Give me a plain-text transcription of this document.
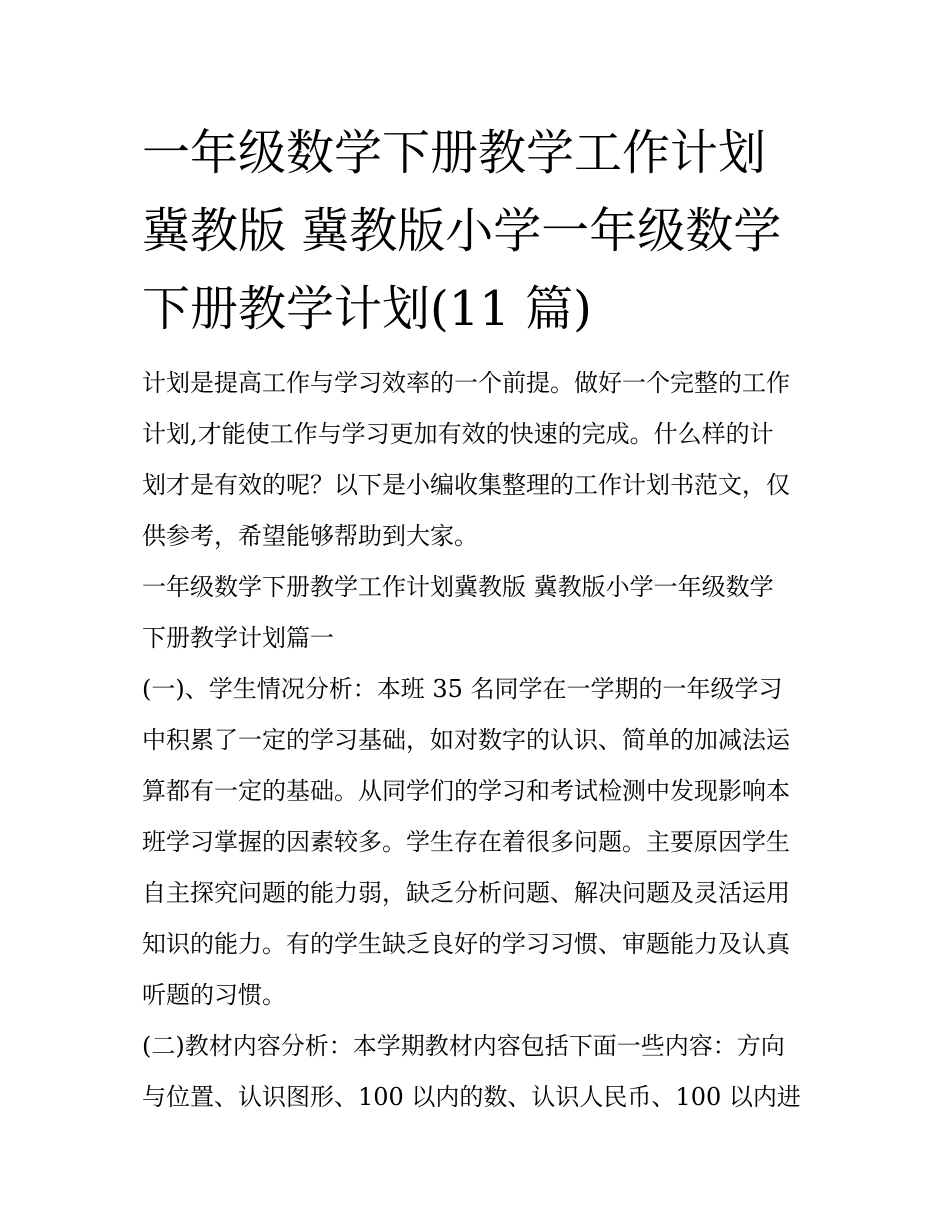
一年级数学下册教学工作计划
冀教版 冀教版小学一年级数学
下册教学计划(11 篇)
计划是提高工作与学习效率的一个前提。做好一个完整的工作
计划,才能使工作与学习更加有效的快速的完成。什么样的计
划才是有效的呢？以下是小编收集整理的工作计划书范文，仅
供参考，希望能够帮助到大家。
一年级数学下册教学工作计划冀教版 冀教版小学一年级数学
下册教学计划篇一
(一)、学生情况分析：本班 35 名同学在一学期的一年级学习
中积累了一定的学习基础，如对数字的认识、简单的加减法运
算都有一定的基础。从同学们的学习和考试检测中发现影响本
班学习掌握的因素较多。学生存在着很多问题。主要原因学生
自主探究问题的能力弱，缺乏分析问题、解决问题及灵活运用
知识的能力。有的学生缺乏良好的学习习惯、审题能力及认真
听题的习惯。
(二)教材内容分析：本学期教材内容包括下面一些内容：方向
与位置、认识图形、100 以内的数、认识人民币、100 以内进
